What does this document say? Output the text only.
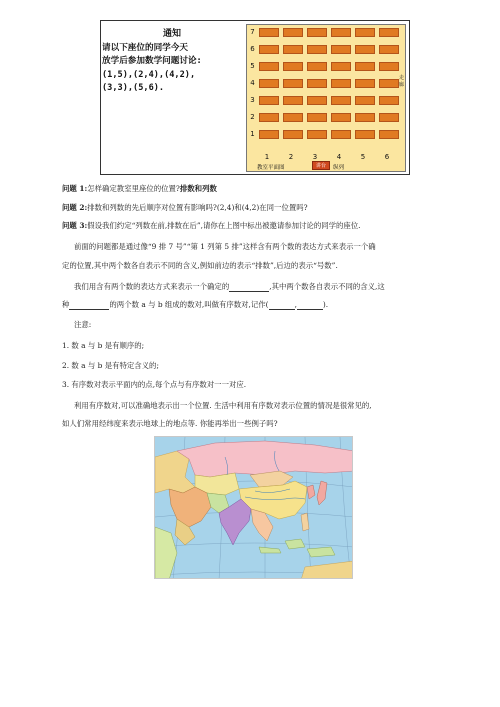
通知
请以下座位的同学今天
放学后参加数学问题讨论:
(1,5),(2,4),(4,2),
(3,3),(5,6).
7
6
5
4
3
2
1
1	2	3	4	5	6
走廊
教室平面图	讲台	纵列
问题 1:怎样确定教室里座位的位置?排数和列数
问题 2:排数和列数的先后顺序对位置有影响吗?(2,4)和(4,2)在同一位置吗?
问题 3:假设我们约定“列数在前,排数在后”,请你在上图中标出被邀请参加讨论的同学的座位.
前面的问题都是通过像“9 排 7 号”“第 1 列第 5 排”这样含有两个数的表达方式来表示一个确
定的位置,其中两个数各自表示不同的含义,例如前边的表示“排数”,后边的表示“号数”.
我们用含有两个数的表达方式来表示一个确定的	,其中两个数各自表示不同的含义,这
种	的两个数 a 与 b 组成的数对,叫做有序数对,记作(	,	).
注意:
1. 数 a 与 b 是有顺序的;
2. 数 a 与 b 是有特定含义的;
3. 有序数对表示平面内的点,每个点与有序数对一一对应.
利用有序数对,可以准确地表示出一个位置. 生活中利用有序数对表示位置的情况是很常见的,
如人们常用经纬度来表示地球上的地点等. 你能再举出一些例子吗?
